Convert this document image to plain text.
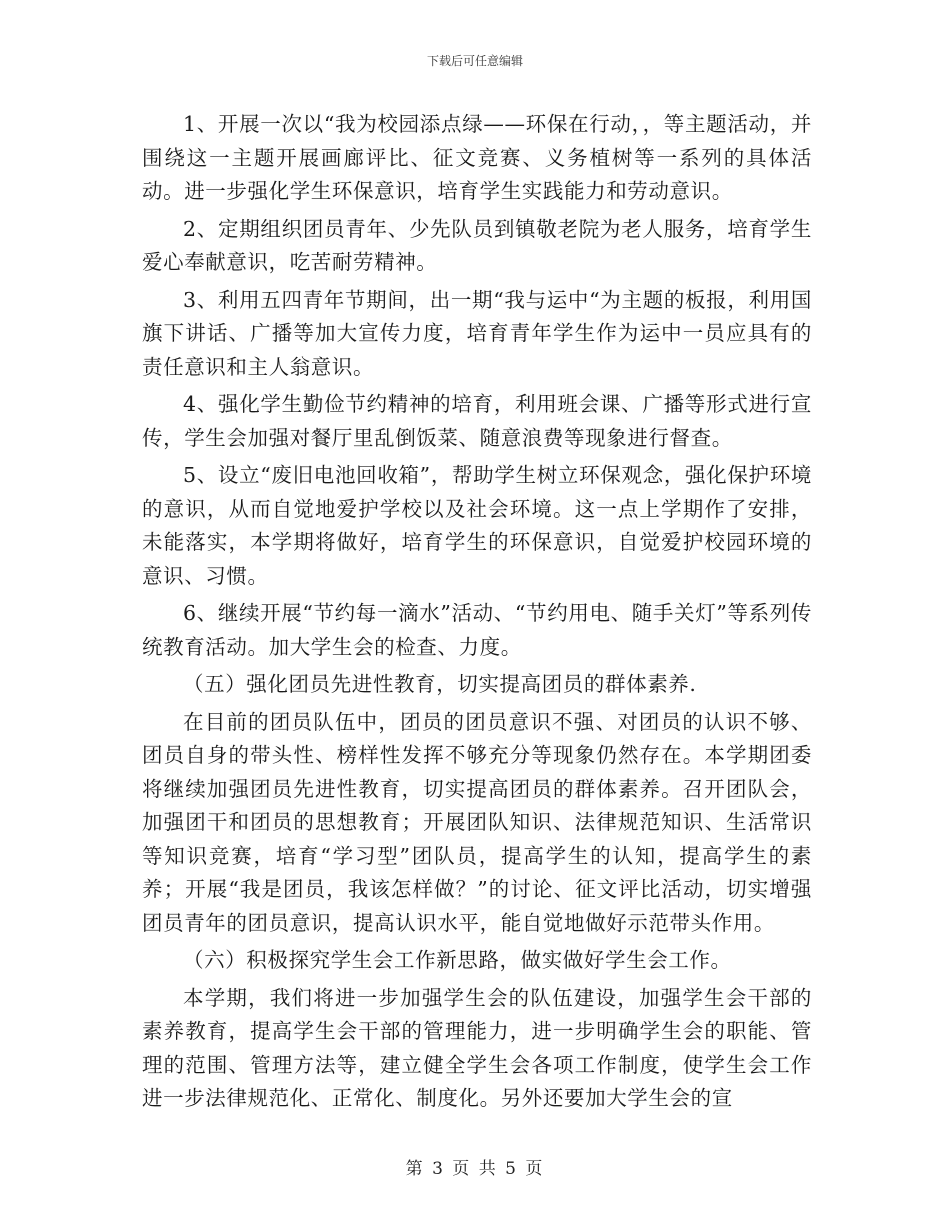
下载后可任意编辑

1、开展一次以“我为校园添点绿——环保在行动，，等主题活动，并围绕这一主题开展画廊评比、征文竞赛、义务植树等一系列的具体活动。进一步强化学生环保意识，培育学生实践能力和劳动意识。

2、定期组织团员青年、少先队员到镇敬老院为老人服务，培育学生爱心奉献意识，吃苦耐劳精神。

3、利用五四青年节期间，出一期“我与运中“为主题的板报，利用国旗下讲话、广播等加大宣传力度，培育青年学生作为运中一员应具有的责任意识和主人翁意识。

4、强化学生勤俭节约精神的培育，利用班会课、广播等形式进行宣传，学生会加强对餐厅里乱倒饭菜、随意浪费等现象进行督查。

5、设立“废旧电池回收箱”，帮助学生树立环保观念，强化保护环境的意识，从而自觉地爱护学校以及社会环境。这一点上学期作了安排，未能落实，本学期将做好，培育学生的环保意识，自觉爱护校园环境的意识、习惯。

6、继续开展“节约每一滴水”活动、“节约用电、随手关灯”等系列传统教育活动。加大学生会的检查、力度。

（五）强化团员先进性教育，切实提高团员的群体素养.

在目前的团员队伍中，团员的团员意识不强、对团员的认识不够、团员自身的带头性、榜样性发挥不够充分等现象仍然存在。本学期团委将继续加强团员先进性教育，切实提高团员的群体素养。召开团队会，加强团干和团员的思想教育；开展团队知识、法律规范知识、生活常识等知识竞赛，培育“学习型”团队员，提高学生的认知，提高学生的素养；开展“我是团员，我该怎样做？”的讨论、征文评比活动，切实增强团员青年的团员意识，提高认识水平，能自觉地做好示范带头作用。

（六）积极探究学生会工作新思路，做实做好学生会工作。

本学期，我们将进一步加强学生会的队伍建设，加强学生会干部的素养教育，提高学生会干部的管理能力，进一步明确学生会的职能、管理的范围、管理方法等，建立健全学生会各项工作制度，使学生会工作进一步法律规范化、正常化、制度化。另外还要加大学生会的宣

第 3 页 共 5 页
